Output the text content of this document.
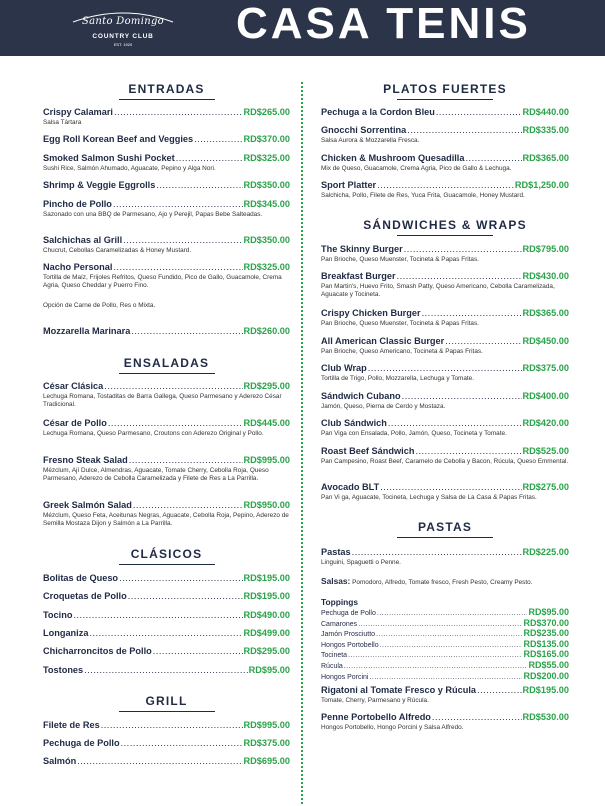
Santo Domingo
COUNTRY CLUB
EST. 1920	CASA TENIS
ENTRADAS
Crispy Calamari .....	RD$265.00
Salsa Tártara
Egg Roll Korean Beef and Veggies .....	RD$370.00
Smoked Salmon Sushi Pocket .....	RD$325.00
Sushi Rice, Salmón Ahumado, Aguacate, Pepino y Alga Nori.
Shrimp & Veggie Eggrolls .....	RD$350.00
Pincho de Pollo .....	RD$345.00
Sazonado con una BBQ de Parmesano, Ajo y Perejil, Papas Bebe Salteadas.
Salchichas al Grill .....	RD$350.00
Chucrut, Cebollas Caramelizadas & Honey Mustard.
Nacho Personal .....	RD$325.00
Tortilla de Maíz, Frijoles Refritos, Queso Fundido, Pico de Gallo, Guacamole, Crema Agria, Queso Cheddar y Puerro Fino.
Opción de Carne de Pollo, Res o Mixta.
Mozzarella Marinara .....	RD$260.00
ENSALADAS
César Clásica .....	RD$295.00
Lechuga Romana, Tostaditas de Barra Gallega, Queso Parmesano y Aderezo César Tradicional.
César de Pollo .....	RD$445.00
Lechuga Romana, Queso Parmesano, Croutons con Aderezo Original y Pollo.
Fresno Steak Salad .....	RD$995.00
Mézclum, Ají Dulce, Almendras, Aguacate, Tomate Cherry, Cebolla Roja, Queso Parmesano, Aderezo de Cebolla Caramelizada y Filete de Res a La Parrilla.
Greek Salmón Salad .....	RD$950.00
Mézclum, Queso Feta, Aceitunas Negras, Aguacate, Cebolla Roja, Pepino, Aderezo de Semilla Mostaza Dijon y Salmón a La Parrilla.
CLÁSICOS
Bolitas de Queso .....	RD$195.00
Croquetas de Pollo .....	RD$195.00
Tocino .....	RD$490.00
Longaniza .....	RD$499.00
Chicharroncitos de Pollo .....	RD$295.00
Tostones .....	RD$95.00
GRILL
Filete de Res .....	RD$995.00
Pechuga de Pollo .....	RD$375.00
Salmón .....	RD$695.00
PLATOS FUERTES
Pechuga a la Cordon Bleu .....	RD$440.00
Gnocchi Sorrentina .....	RD$335.00
Salsa Aurora & Mozzarella Fresca.
Chicken & Mushroom Quesadilla .....	RD$365.00
Mix de Queso, Guacamole, Crema Agria, Pico de Gallo & Lechuga.
Sport Platter .....	RD$1,250.00
Salchicha, Pollo, Filete de Res, Yuca Frita, Guacamole, Honey Mustard.
SÁNDWICHES & WRAPS
The Skinny Burger .....	RD$795.00
Pan Brioche, Queso Muenster, Tocineta & Papas Fritas.
Breakfast Burger .....	RD$430.00
Pan Martin's, Huevo Frito, Smash Patty, Queso Americano, Cebolla Caramelizada, Aguacate y Tocineta.
Crispy Chicken Burger .....	RD$365.00
Pan Brioche, Queso Muenster, Tocineta & Papas Fritas.
All American Classic Burger .....	RD$450.00
Pan Brioche, Queso Americano, Tocineta & Papas Fritas.
Club Wrap .....	RD$375.00
Tortilla de Trigo, Pollo, Mozzarella, Lechuga y Tomate.
Sándwich Cubano .....	RD$400.00
Jamón, Queso, Pierna de Cerdo y Mostaza.
Club Sándwich .....	RD$420.00
Pan Viga con Ensalada, Pollo, Jamón, Queso, Tocineta y Tomate.
Roast Beef Sándwich .....	RD$525.00
Pan Campesino, Roast Beef, Caramelo de Cebolla y Bacon, Rúcula, Queso Emmental.
Avocado BLT .....	RD$275.00
Pan Vi ga, Aguacate, Tocineta, Lechuga y Salsa de La Casa & Papas Fritas.
PASTAS
Pastas .....	RD$225.00
Linguini, Spaguetti o Penne.
Salsas: Pomodoro, Alfredo, Tomate fresco, Fresh Pesto, Creamy Pesto.
Toppings
Pechuga de Pollo .....	RD$95.00
Camarones .....	RD$370.00
Jamón Prosciutto .....	RD$235.00
Hongos Portobello .....	RD$135.00
Tocineta .....	RD$165.00
Rúcula .....	RD$55.00
Hongos Porcini .....	RD$200.00
Rigatoni al Tomate Fresco y Rúcula .....	RD$195.00
Tomate, Cherry, Parmesano y Rúcula.
Penne Portobello Alfredo .....	RD$530.00
Hongos Portobello, Hongo Porcini y Salsa Alfredo.
